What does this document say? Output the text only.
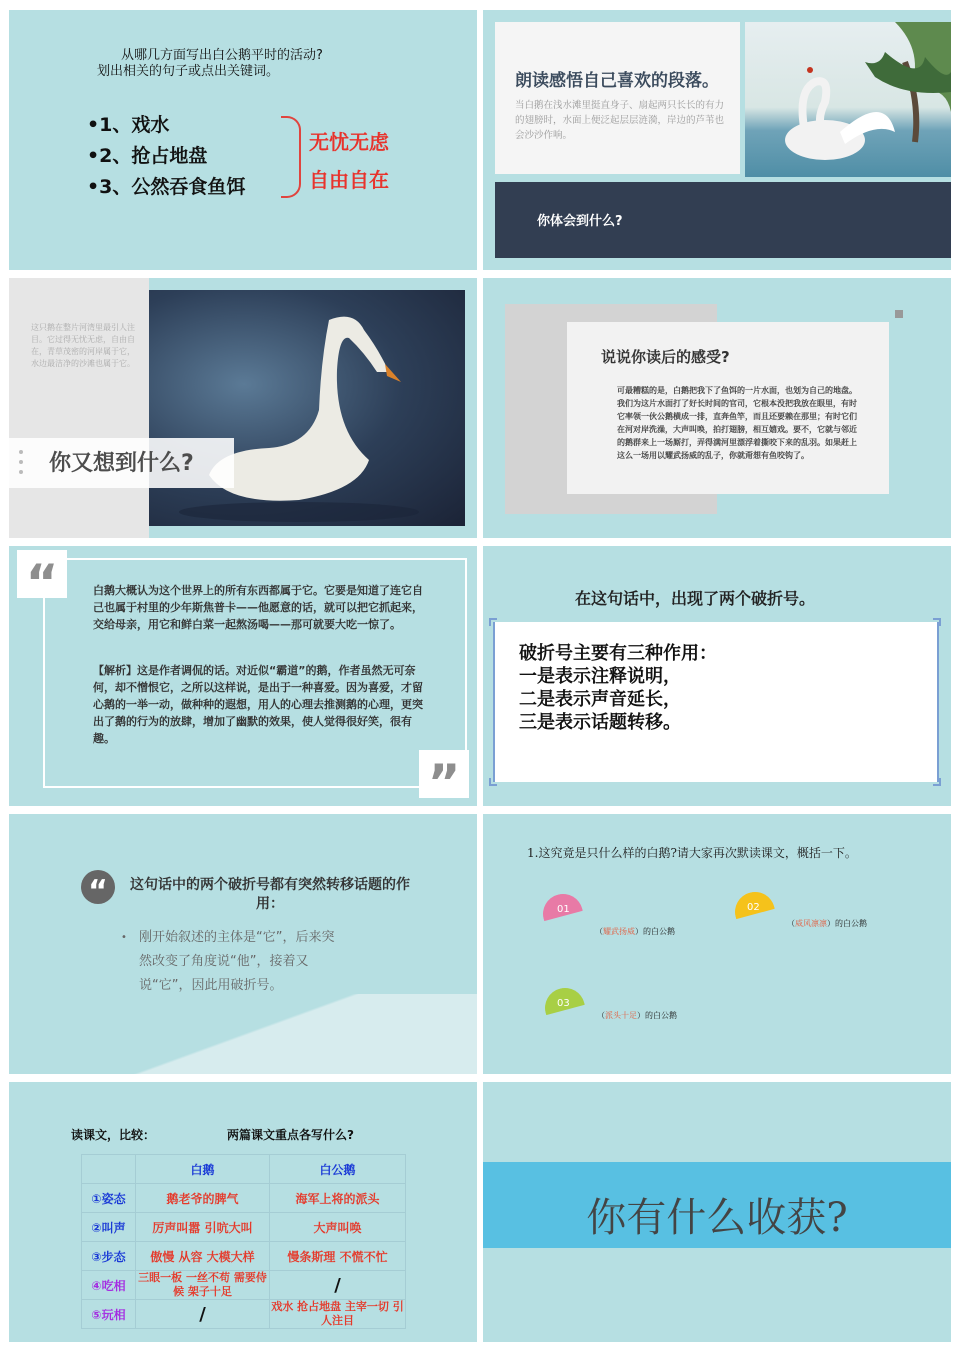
从哪几方面写出白公鹅平时的活动?
划出相关的句子或点出关键词。
•1、戏水
•2、抢占地盘
•3、公然吞食鱼饵
无忧无虑
自由自在
朗读感悟自己喜欢的段落。
当白鹅在浅水滩里挺直身子、扇起两只长长的有力的翅膀时，水面上便泛起层层涟漪，岸边的芦苇也会沙沙作响。
你体会到什么?
这只鹅在整片河湾里最引人注目。它过得无忧无虑，自由自在，青草茂密的河岸属于它，水边最洁净的沙滩也属于它。
你又想到什么?
说说你读后的感受?
可最糟糕的是，白鹅把我下了鱼饵的一片水面，也划为自己的地盘。我们为这片水面打了好长时间的官司，它根本没把我放在眼里，有时它率领一伙公鹅横成一排，直奔鱼竿，而且还要赖在那里；有时它们在河对岸洗澡，大声叫唤，拍打翅膀，相互嬉戏。要不，它就与邻近的鹅群来上一场厮打，弄得满河里漂浮着撕咬下来的乱羽。如果赶上这么一场用以耀武扬威的乱子，你就甭想有鱼咬钩了。
“
”
白鹅大概认为这个世界上的所有东西都属于它。它要是知道了连它自己也属于村里的少年斯焦普卡——他愿意的话，就可以把它抓起来，交给母亲，用它和鲜白菜一起熬汤喝——那可就要大吃一惊了。
【解析】这是作者调侃的话。对近似“霸道”的鹅，作者虽然无可奈何，却不憎恨它，之所以这样说，是出于一种喜爱。因为喜爱，才留心鹅的一举一动，做种种的遐想，用人的心理去推测鹅的心理，更突出了鹅的行为的放肆，增加了幽默的效果，使人觉得很好笑，很有趣。
在这句话中，出现了两个破折号。
破折号主要有三种作用：
一是表示注释说明，
二是表示声音延长，
三是表示话题转移。
“	这句话中的两个破折号都有突然转移话题的作用：
• 刚开始叙述的主体是“它”，后来突然改变了角度说“他”，接着又说“它”，因此用破折号。
1.这究竟是只什么样的白鹅?请大家再次默读课文，概括一下。
01
（耀武扬威）的白公鹅
02
（威风凛凛）的白公鹅
03
（派头十足）的白公鹅
读课文，比较：	两篇课文重点各写什么?
	白鹅	白公鹅
①姿态	鹅老爷的脾气	海军上将的派头
②叫声	厉声叫嚣 引吭大叫	大声叫唤
③步态	傲慢 从容 大模大样	慢条斯理 不慌不忙
④吃相	三眼一板 一丝不苟 需要侍候 架子十足	/
⑤玩相	/	戏水 抢占地盘 主宰一切 引人注目
你有什么收获?
